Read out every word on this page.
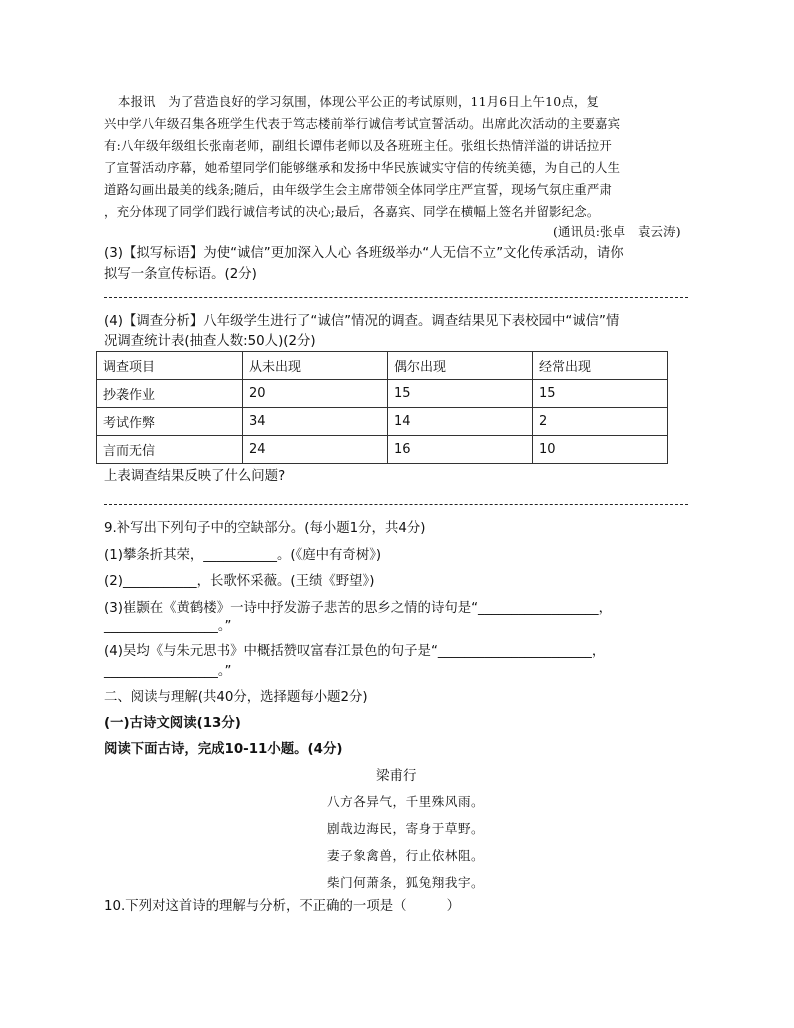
本报讯　为了营造良好的学习氛围，体现公平公正的考试原则，11月6日上午10点，复
兴中学八年级召集各班学生代表于笃志楼前举行诚信考试宣誓活动。出席此次活动的主要嘉宾
有:八年级年级组长张南老师，副组长谭伟老师以及各班班主任。张组长热情洋溢的讲话拉开
了宣誓活动序幕，她希望同学们能够继承和发扬中华民族诚实守信的传统美德，为自己的人生
道路勾画出最美的线条;随后，由年级学生会主席带领全体同学庄严宣誓，现场气氛庄重严肃
，充分体现了同学们践行诚信考试的决心;最后，各嘉宾、同学在横幅上签名并留影纪念。
(通讯员:张卓　袁云涛)
(3)【拟写标语】为使“诚信”更加深入人心 各班级举办“人无信不立”文化传承活动，请你
拟写一条宣传标语。(2分)
(4)【调查分析】八年级学生进行了“诚信”情况的调查。调查结果见下表校园中“诚信”情
况调查统计表(抽查人数:50人)(2分)
调查项目	从未出现	偶尔出现	经常出现
抄袭作业	20	15	15
考试作弊	34	14	2
言而无信	24	16	10
上表调查结果反映了什么问题?
9.补写出下列句子中的空缺部分。(每小题1分，共4分)
(1)攀条折其荣，___________。(《庭中有奇树》)
(2)___________，长歌怀采薇。(王绩《野望》)
(3)崔颢在《黄鹤楼》一诗中抒发游子悲苦的思乡之情的诗句是“__________________，
_________________。”
(4)吴均《与朱元思书》中概括赞叹富春江景色的句子是“_______________________，
_________________。”
二、阅读与理解(共40分，选择题每小题2分)
(一)古诗文阅读(13分)
阅读下面古诗，完成10-11小题。(4分)
梁甫行
八方各异气，千里殊风雨。
剧哉边海民，寄身于草野。
妻子象禽兽，行止依林阻。
柴门何萧条，狐兔翔我宇。
10.下列对这首诗的理解与分析，不正确的一项是（　　　）
